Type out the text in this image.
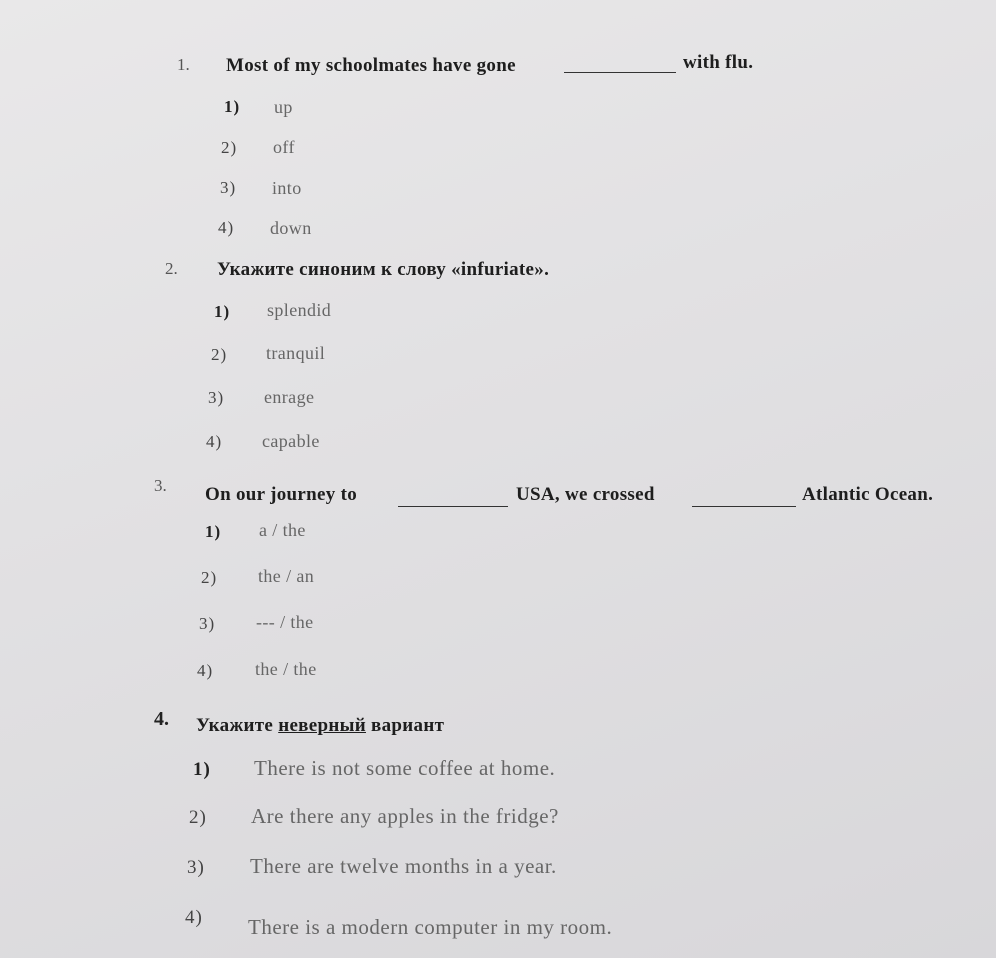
1. Most of my schoolmates have gone	with flu.
1) up
2) off
3) into
4) down
2. Укажите синоним к слову «infuriate».
1) splendid
2) tranquil
3) enrage
4) capable
3. On our journey to	USA, we crossed	Atlantic Ocean.
1) a / the
2) the / an
3) --- / the
4) the / the
4. Укажите неверный вариант
1) There is not some coffee at home.
2) Are there any apples in the fridge?
3) There are twelve months in a year.
4) There is a modern computer in my room.
